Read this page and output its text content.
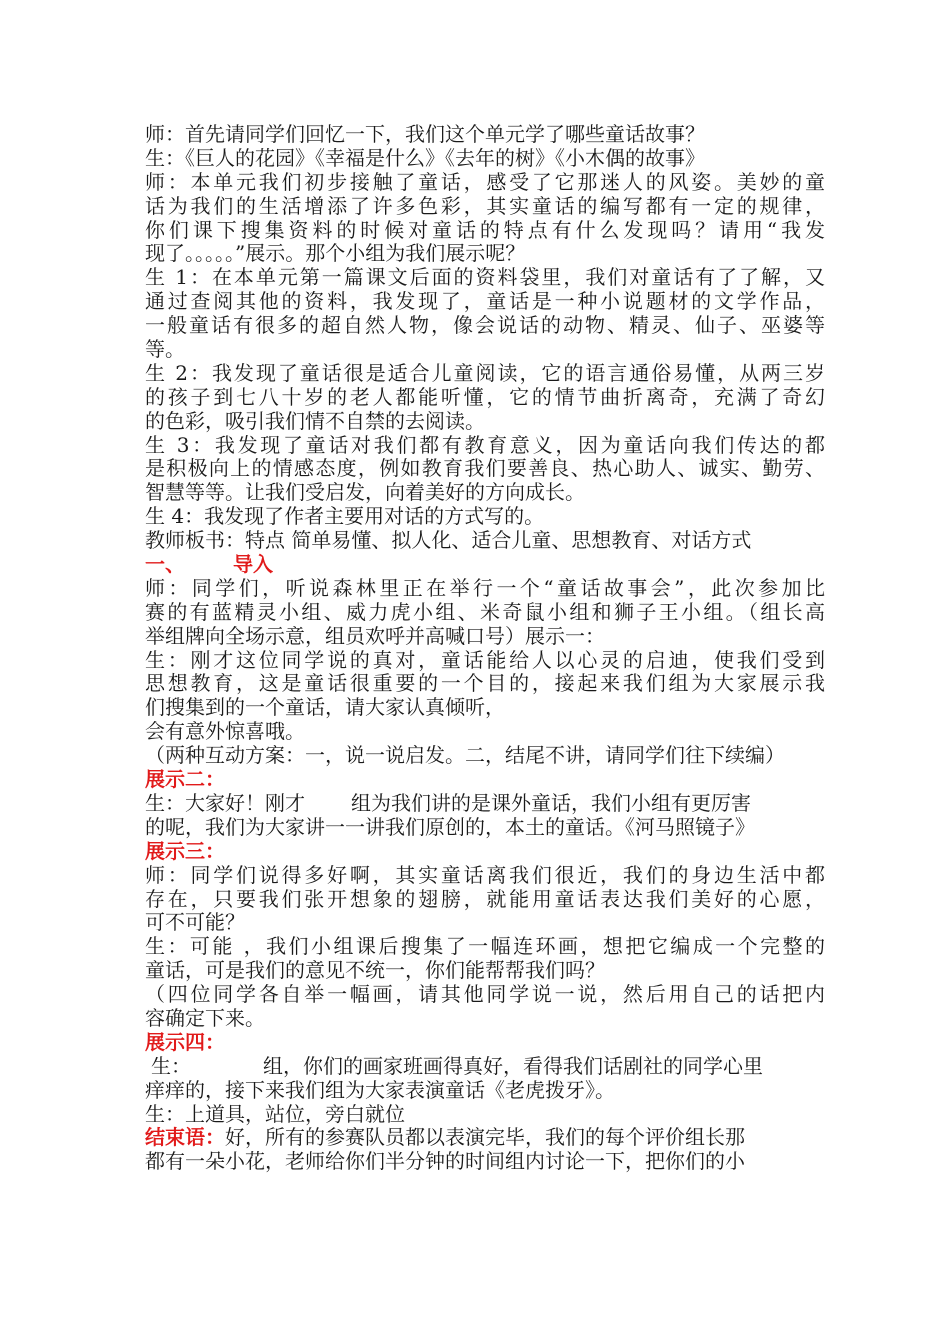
师：首先请同学们回忆一下，我们这个单元学了哪些童话故事？
生：《巨人的花园》《幸福是什么》《去年的树》《小木偶的故事》
师：本单元我们初步接触了童话，感受了它那迷人的风姿。美妙的童
话为我们的生活增添了许多色彩，其实童话的编写都有一定的规律，
你们课下搜集资料的时候对童话的特点有什么发现吗？请用“我发
现了。。。。。”展示。那个小组为我们展示呢？
生 1：在本单元第一篇课文后面的资料袋里，我们对童话有了了解，又
通过查阅其他的资料，我发现了，童话是一种小说题材的文学作品，
一般童话有很多的超自然人物，像会说话的动物、精灵、仙子、巫婆等
等。
生 2：我发现了童话很是适合儿童阅读，它的语言通俗易懂，从两三岁
的孩子到七八十岁的老人都能听懂，它的情节曲折离奇，充满了奇幻
的色彩，吸引我们情不自禁的去阅读。
生 3：我发现了童话对我们都有教育意义，因为童话向我们传达的都
是积极向上的情感态度，例如教育我们要善良、热心助人、诚实、勤劳、
智慧等等。让我们受启发，向着美好的方向成长。
生 4：我发现了作者主要用对话的方式写的。
教师板书：特点 简单易懂、拟人化、适合儿童、思想教育、对话方式
一、 导入
师：同学们，听说森林里正在举行一个“童话故事会”，此次参加比
赛的有蓝精灵小组、威力虎小组、米奇鼠小组和狮子王小组。（组长高
举组牌向全场示意，组员欢呼并高喊口号）展示一：
生：刚才这位同学说的真对，童话能给人以心灵的启迪，使我们受到
思想教育，这是童话很重要的一个目的，接起来我们组为大家展示我
们搜集到的一个童话，请大家认真倾听，
会有意外惊喜哦。
（两种互动方案：一，说一说启发。二，结尾不讲，请同学们往下续编）
展示二：
生：大家好！刚才 组为我们讲的是课外童话，我们小组有更厉害
的呢，我们为大家讲一一讲我们原创的，本土的童话。《河马照镜子》
展示三：
师：同学们说得多好啊，其实童话离我们很近，我们的身边生活中都
存在，只要我们张开想象的翅膀，就能用童话表达我们美好的心愿，
可不可能？
生：可能 ，我们小组课后搜集了一幅连环画，想把它编成一个完整的
童话，可是我们的意见不统一，你们能帮帮我们吗？
（四位同学各自举一幅画，请其他同学说一说，然后用自己的话把内
容确定下来。
展示四：
生：	组，你们的画家班画得真好，看得我们话剧社的同学心里
痒痒的，接下来我们组为大家表演童话《老虎拨牙》。
生：上道具，站位，旁白就位
结束语：好，所有的参赛队员都以表演完毕，我们的每个评价组长那
都有一朵小花，老师给你们半分钟的时间组内讨论一下，把你们的小
